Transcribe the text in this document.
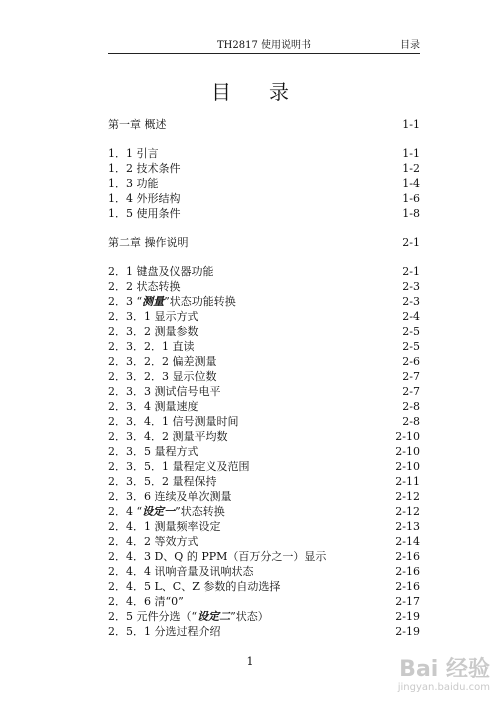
TH2817 使用说明书	目录
目录
第一章 概述	1-1
1．1 引言	1-1
1．2 技术条件	1-2
1．3 功能	1-4
1．4 外形结构	1-6
1．5 使用条件	1-8
第二章 操作说明	2-1
2．1 键盘及仪器功能	2-1
2．2 状态转换	2-3
2．3 “测量”状态功能转换	2-3
2．3．1 显示方式	2-4
2．3．2 测量参数	2-5
2．3．2．1 直读	2-5
2．3．2．2 偏差测量	2-6
2．3．2．3 显示位数	2-7
2．3．3 测试信号电平	2-7
2．3．4 测量速度	2-8
2．3．4．1 信号测量时间	2-8
2．3．4．2 测量平均数	2-10
2．3．5 量程方式	2-10
2．3．5．1 量程定义及范围	2-10
2．3．5．2 量程保持	2-11
2．3．6 连续及单次测量	2-12
2．4 “设定一”状态转换	2-12
2．4．1 测量频率设定	2-13
2．4．2 等效方式	2-14
2．4．3 D、Q 的 PPM（百万分之一）显示	2-16
2．4．4 讯响音量及讯响状态	2-16
2．4．5 L、C、Z 参数的自动选择	2-16
2．4．6 清“0”	2-17
2．5 元件分选（“设定二”状态）	2-19
2．5．1 分选过程介绍	2-19
1	Bai 经验
jingyan.baidu.com
